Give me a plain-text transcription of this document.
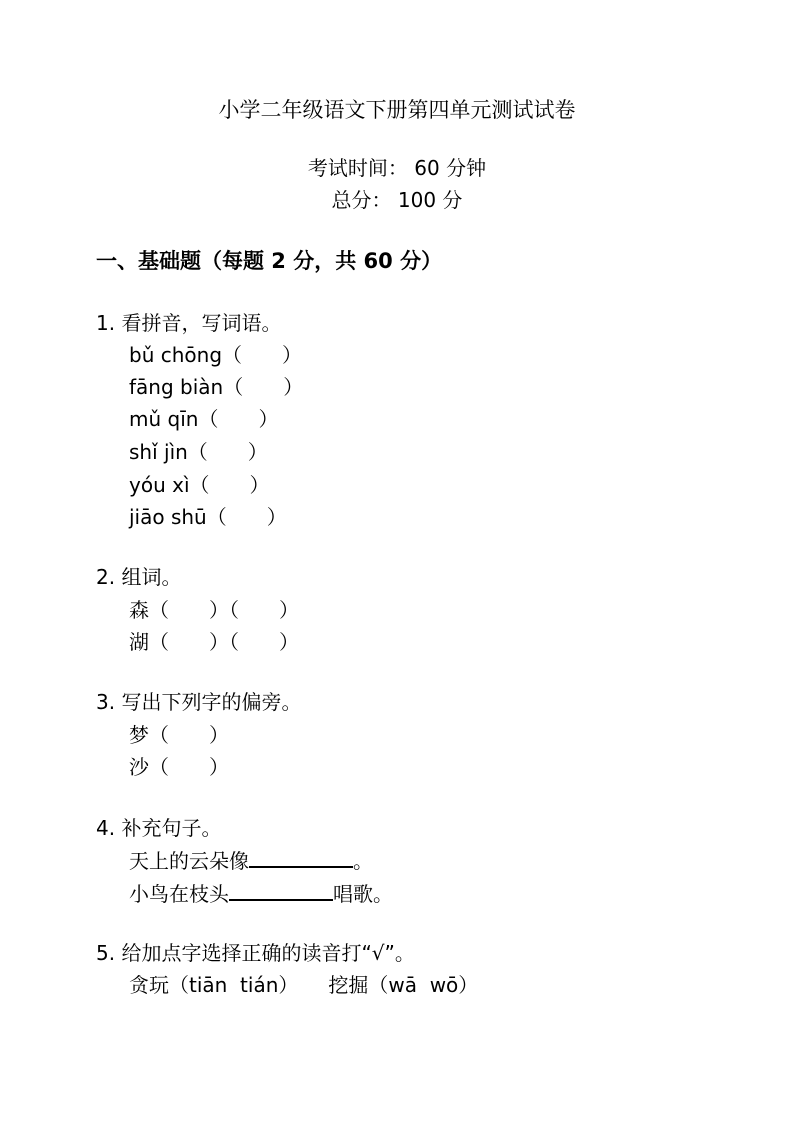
小学二年级语文下册第四单元测试试卷
考试时间： 60 分钟
总分： 100 分
一、基础题（每题 2 分，共 60 分）
1. 看拼音，写词语。
bǔ chōng（　　）
fāng biàn（　　）
mǔ qīn（　　）
shǐ jìn（　　）
yóu xì（　　）
jiāo shū（　　）
2. 组词。
森（　　）（　　）
湖（　　）（　　）
3. 写出下列字的偏旁。
梦（　　）
沙（　　）
4. 补充句子。
天上的云朵像	。
小鸟在枝头	唱歌。
5. 给加点字选择正确的读音打“√”。
贪玩（tiān  tián）　　挖掘（wā  wō）
